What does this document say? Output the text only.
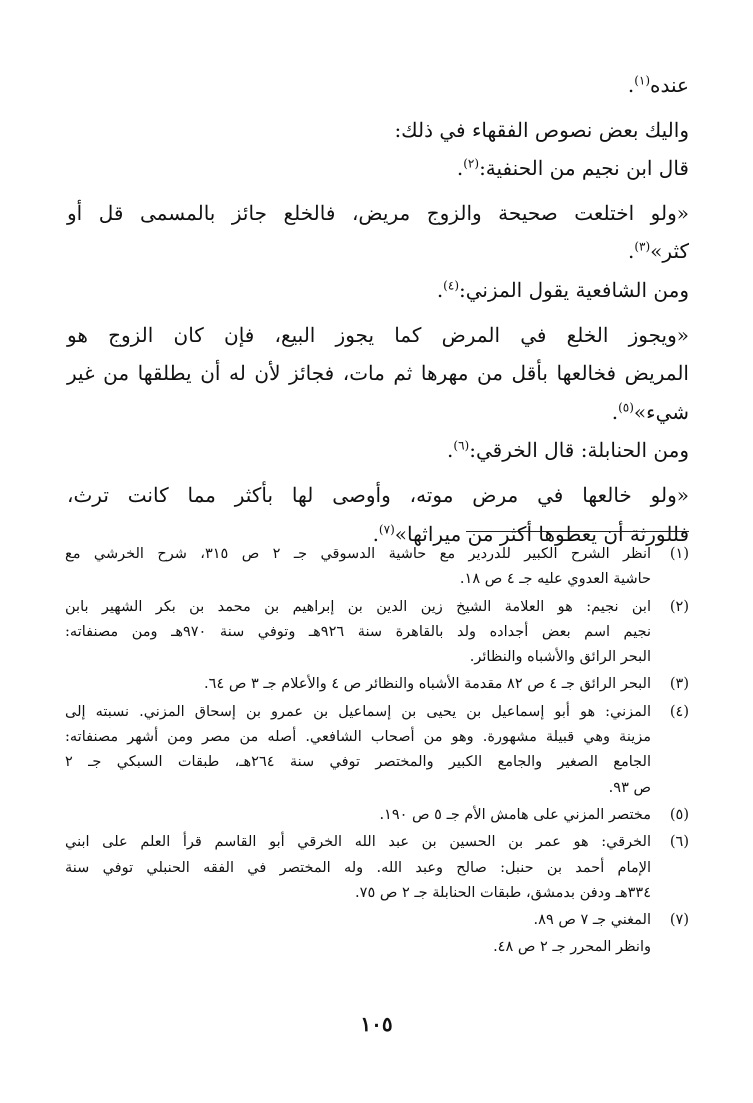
عنده$^{(١)}$.

واليك بعض نصوص الفقهاء في ذلك:

قال ابن نجيم من الحنفية:$^{(٢)}$.

«ولو اختلعت صحيحة والزوج مريض، فالخلع جائز بالمسمى قل أو

كثر»$^{(٣)}$.

ومن الشافعية يقول المزني:$^{(٤)}$.

«ويجوز الخلع في المرض كما يجوز البيع، فإن كان الزوج هو

المريض فخالعها بأقل من مهرها ثم مات، فجائز لأن له أن يطلقها من غير

شيء»$^{(٥)}$.

ومن الحنابلة: قال الخرقي:$^{(٦)}$.

«ولو خالعها في مرض موته، وأوصى لها بأكثر مما كانت ترث،

فللورثة أن يعطوها أكثر من ميراثها»$^{(٧)}$.

(١)
انظر الشرح الكبير للدردير مع حاشية الدسوقي جـ ٢ ص ٣١٥، شرح الخرشي مع
حاشية العدوي عليه جـ ٤ ص ١٨.
(٢)
ابن نجيم: هو العلامة الشيخ زين الدين بن إبراهيم بن محمد بن بكر الشهير بابن
نجيم اسم بعض أجداده ولد بالقاهرة سنة ٩٢٦هـ وتوفي سنة ٩٧٠هـ ومن مصنفاته:
البحر الرائق والأشباه والنظائر.
(٣)
البحر الرائق جـ ٤ ص ٨٢ مقدمة الأشباه والنظائر ص ٤ والأعلام جـ ٣ ص ٦٤.
(٤)
المزني: هو أبو إسماعيل بن يحيى بن إسماعيل بن عمرو بن إسحاق المزني. نسبته إلى
مزينة وهي قبيلة مشهورة. وهو من أصحاب الشافعي. أصله من مصر ومن أشهر مصنفاته:
الجامع الصغير والجامع الكبير والمختصر توفي سنة ٢٦٤هـ، طبقات السبكي جـ ٢
ص ٩٣.
(٥)
مختصر المزني على هامش الأم جـ ٥ ص ١٩٠.
(٦)
الخرقي: هو عمر بن الحسين بن عبد الله الخرقي أبو القاسم قرأ العلم على ابني
الإمام أحمد بن حنبل: صالح وعبد الله. وله المختصر في الفقه الحنبلي توفي سنة
٣٣٤هـ ودفن بدمشق، طبقات الحنابلة جـ ٢ ص ٧٥.
(٧)
المغني جـ ٧ ص ٨٩.
وانظر المحرر جـ ٢ ص ٤٨.
١٠٥
